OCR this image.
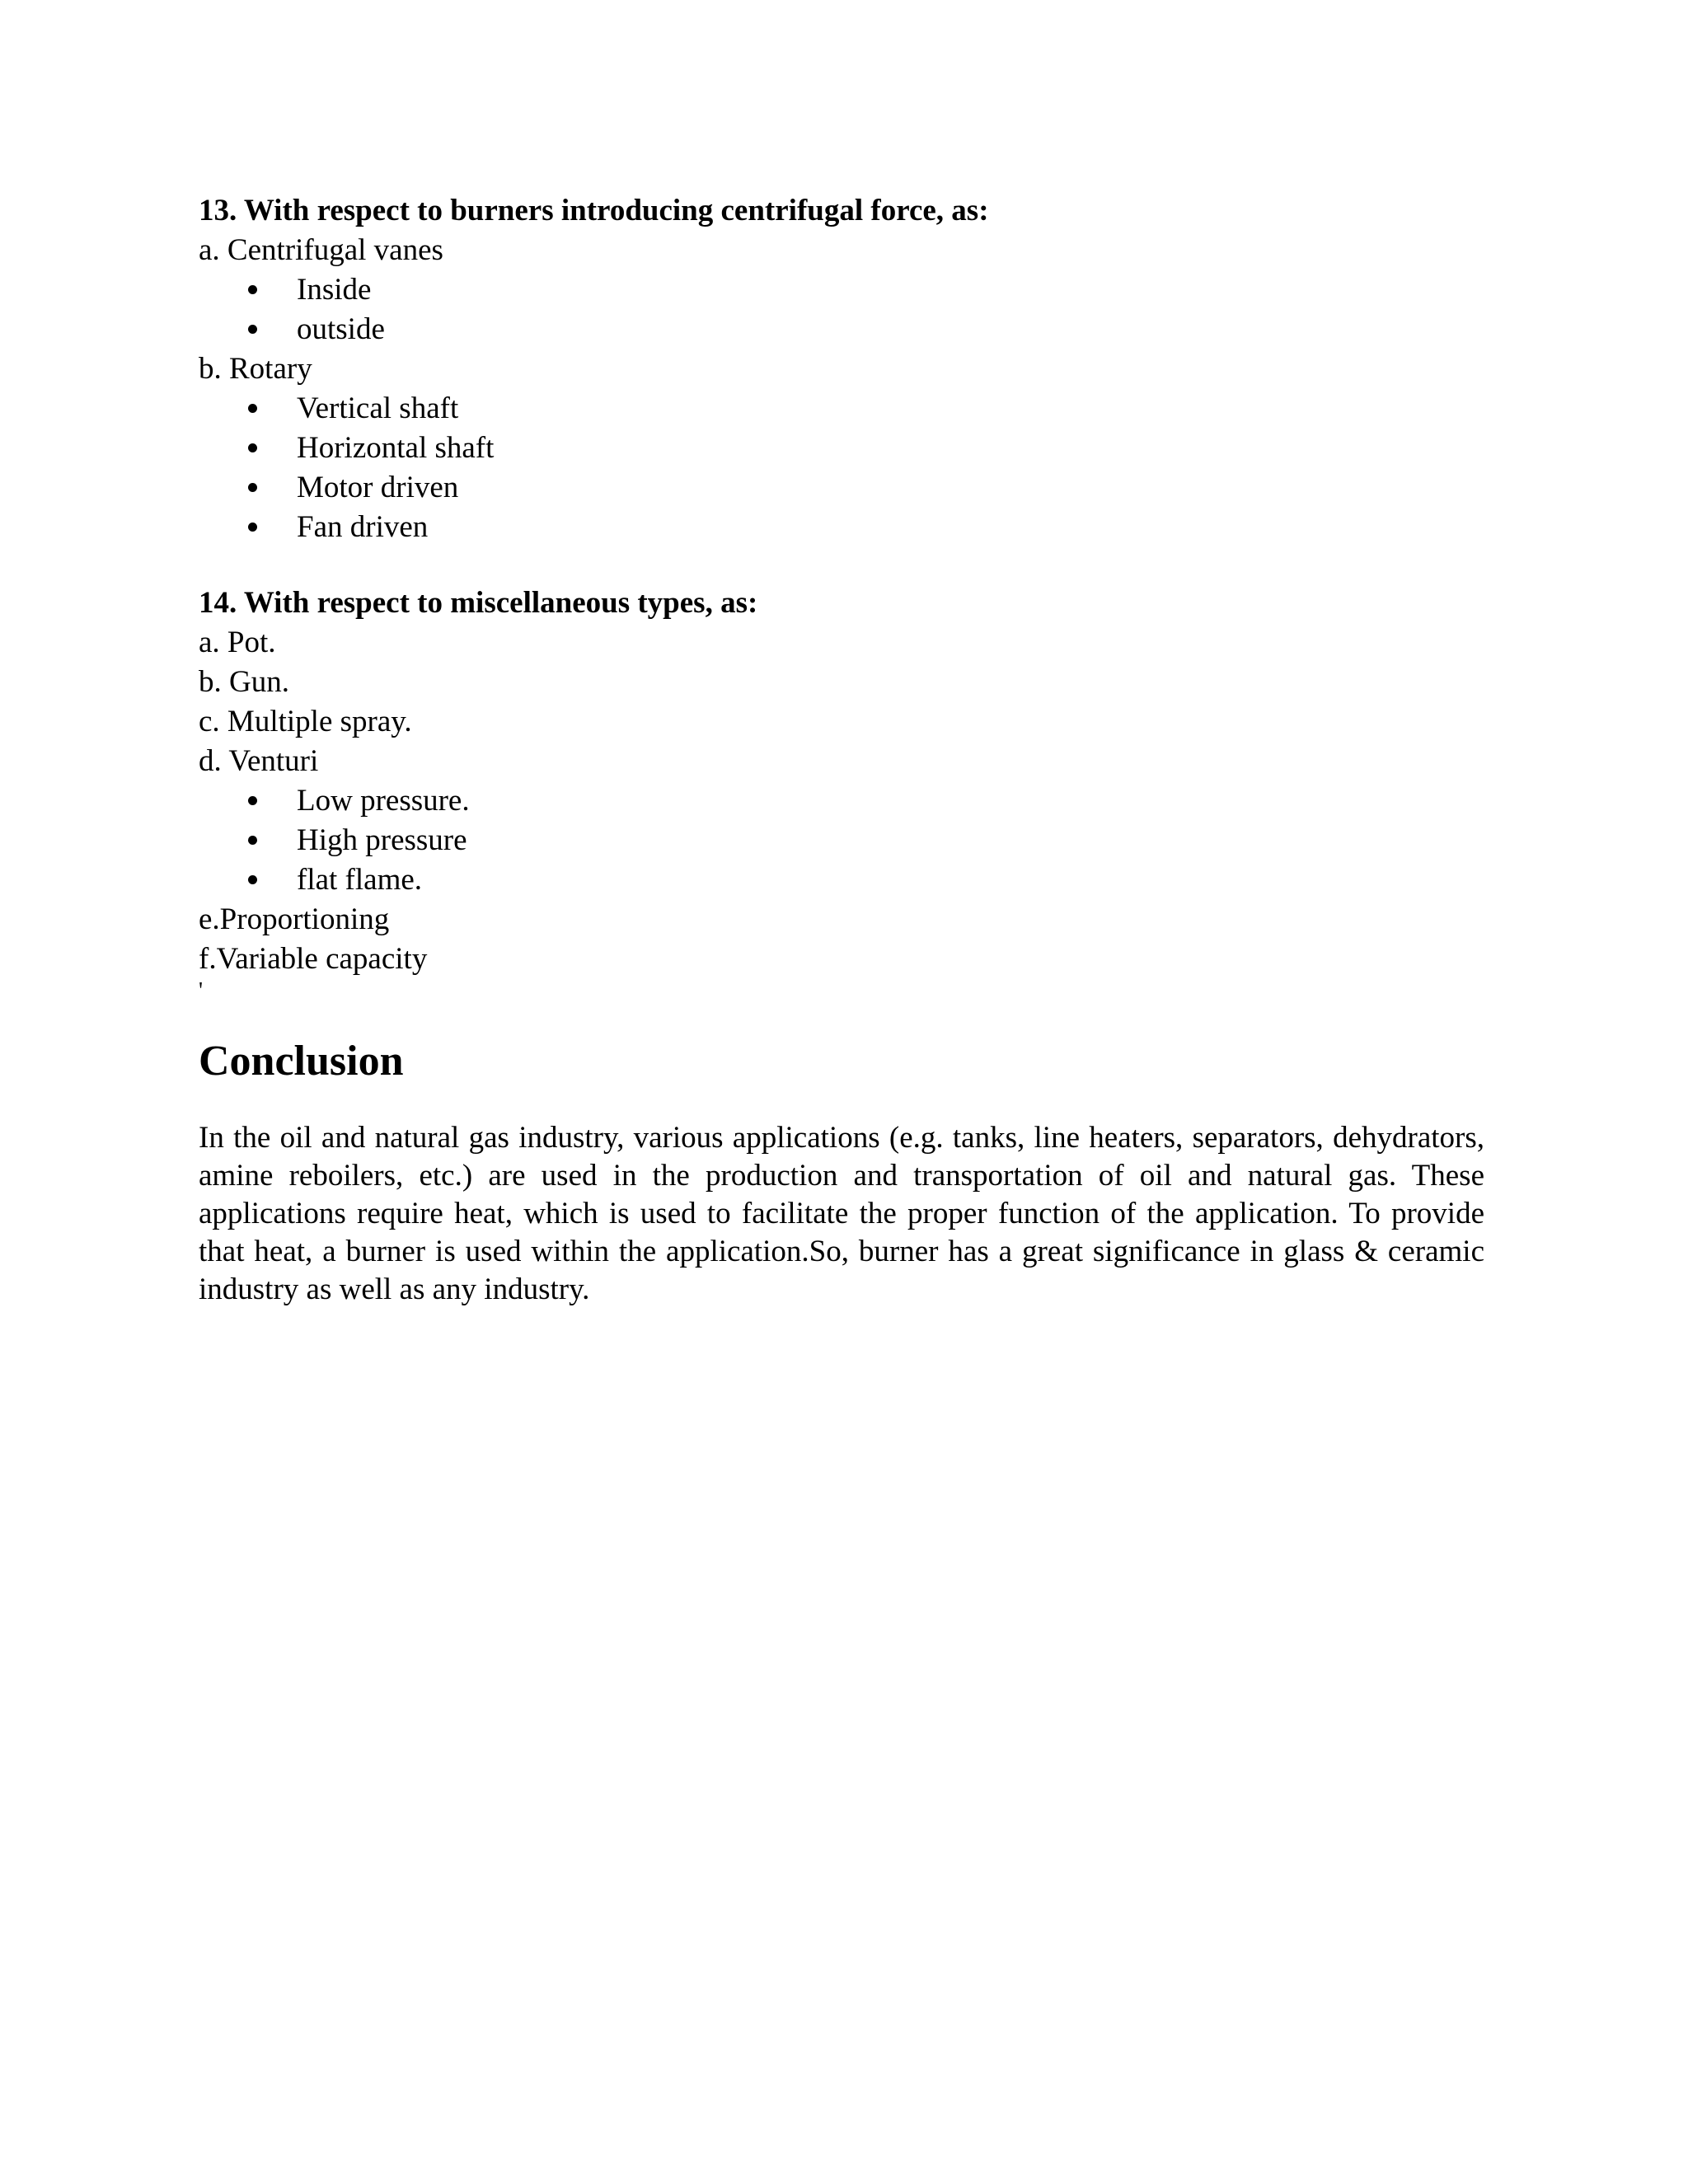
13. With respect to burners introducing centrifugal force, as:

a. Centrifugal vanes

Inside
outside

b. Rotary

Vertical shaft
Horizontal shaft
Motor driven
Fan driven

14. With respect to miscellaneous types, as:

a. Pot.

b. Gun.

c. Multiple spray.

d. Venturi

Low pressure.
High pressure
flat flame.

e.Proportioning

f.Variable capacity

'

Conclusion

In the oil and natural gas industry, various applications (e.g. tanks, line heaters, separators, dehydrators, amine reboilers, etc.) are used in the production and transportation of oil and natural gas. These applications require heat, which is used to facilitate the proper function of the application. To provide that heat, a burner is used within the application.So, burner has a great significance in glass & ceramic industry as well as any industry.
